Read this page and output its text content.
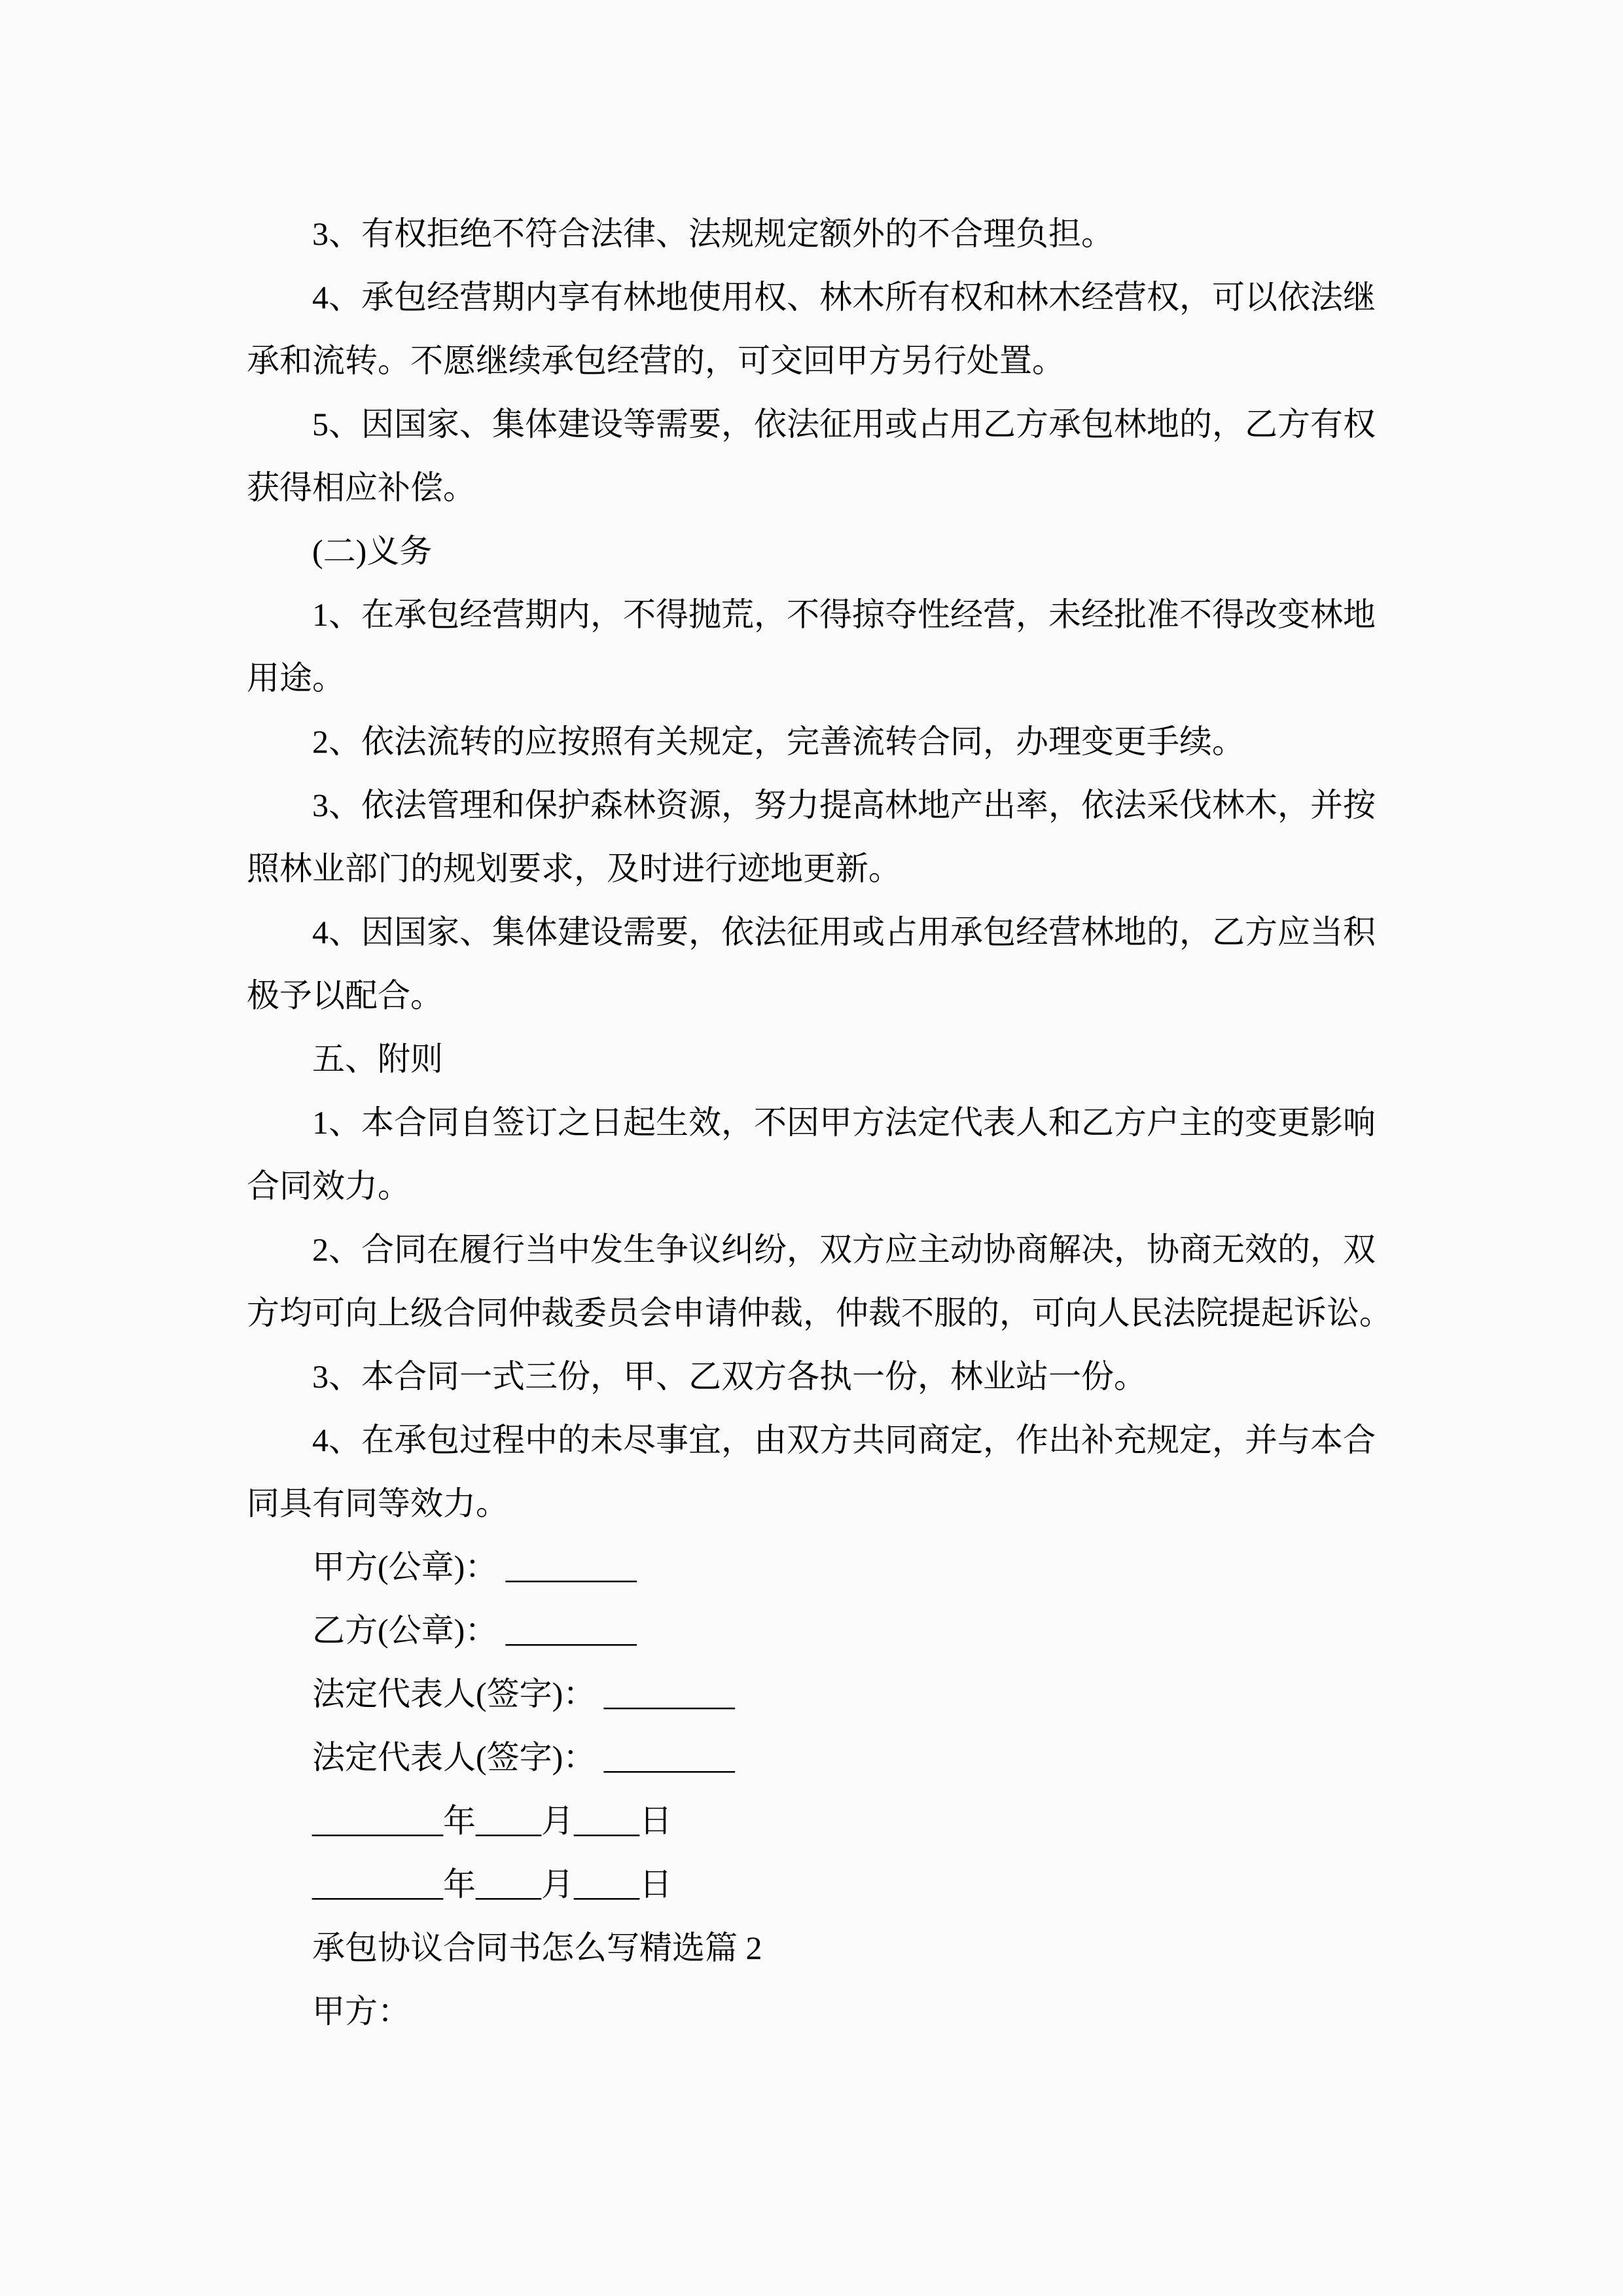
3、有权拒绝不符合法律、法规规定额外的不合理负担。
4、承包经营期内享有林地使用权、林木所有权和林木经营权，可以依法继
承和流转。不愿继续承包经营的，可交回甲方另行处置。
5、因国家、集体建设等需要，依法征用或占用乙方承包林地的，乙方有权
获得相应补偿。
(二)义务
1、在承包经营期内，不得抛荒，不得掠夺性经营，未经批准不得改变林地
用途。
2、依法流转的应按照有关规定，完善流转合同，办理变更手续。
3、依法管理和保护森林资源，努力提高林地产出率，依法采伐林木，并按
照林业部门的规划要求，及时进行迹地更新。
4、因国家、集体建设需要，依法征用或占用承包经营林地的，乙方应当积
极予以配合。
五、附则
1、本合同自签订之日起生效，不因甲方法定代表人和乙方户主的变更影响
合同效力。
2、合同在履行当中发生争议纠纷，双方应主动协商解决，协商无效的，双
方均可向上级合同仲裁委员会申请仲裁，仲裁不服的，可向人民法院提起诉讼。
3、本合同一式三份，甲、乙双方各执一份，林业站一份。
4、在承包过程中的未尽事宜，由双方共同商定，作出补充规定，并与本合
同具有同等效力。
甲方(公章)： ________
乙方(公章)： ________
法定代表人(签字)： ________
法定代表人(签字)： ________
________年____月____日
________年____月____日
承包协议合同书怎么写精选篇 2
甲方：
